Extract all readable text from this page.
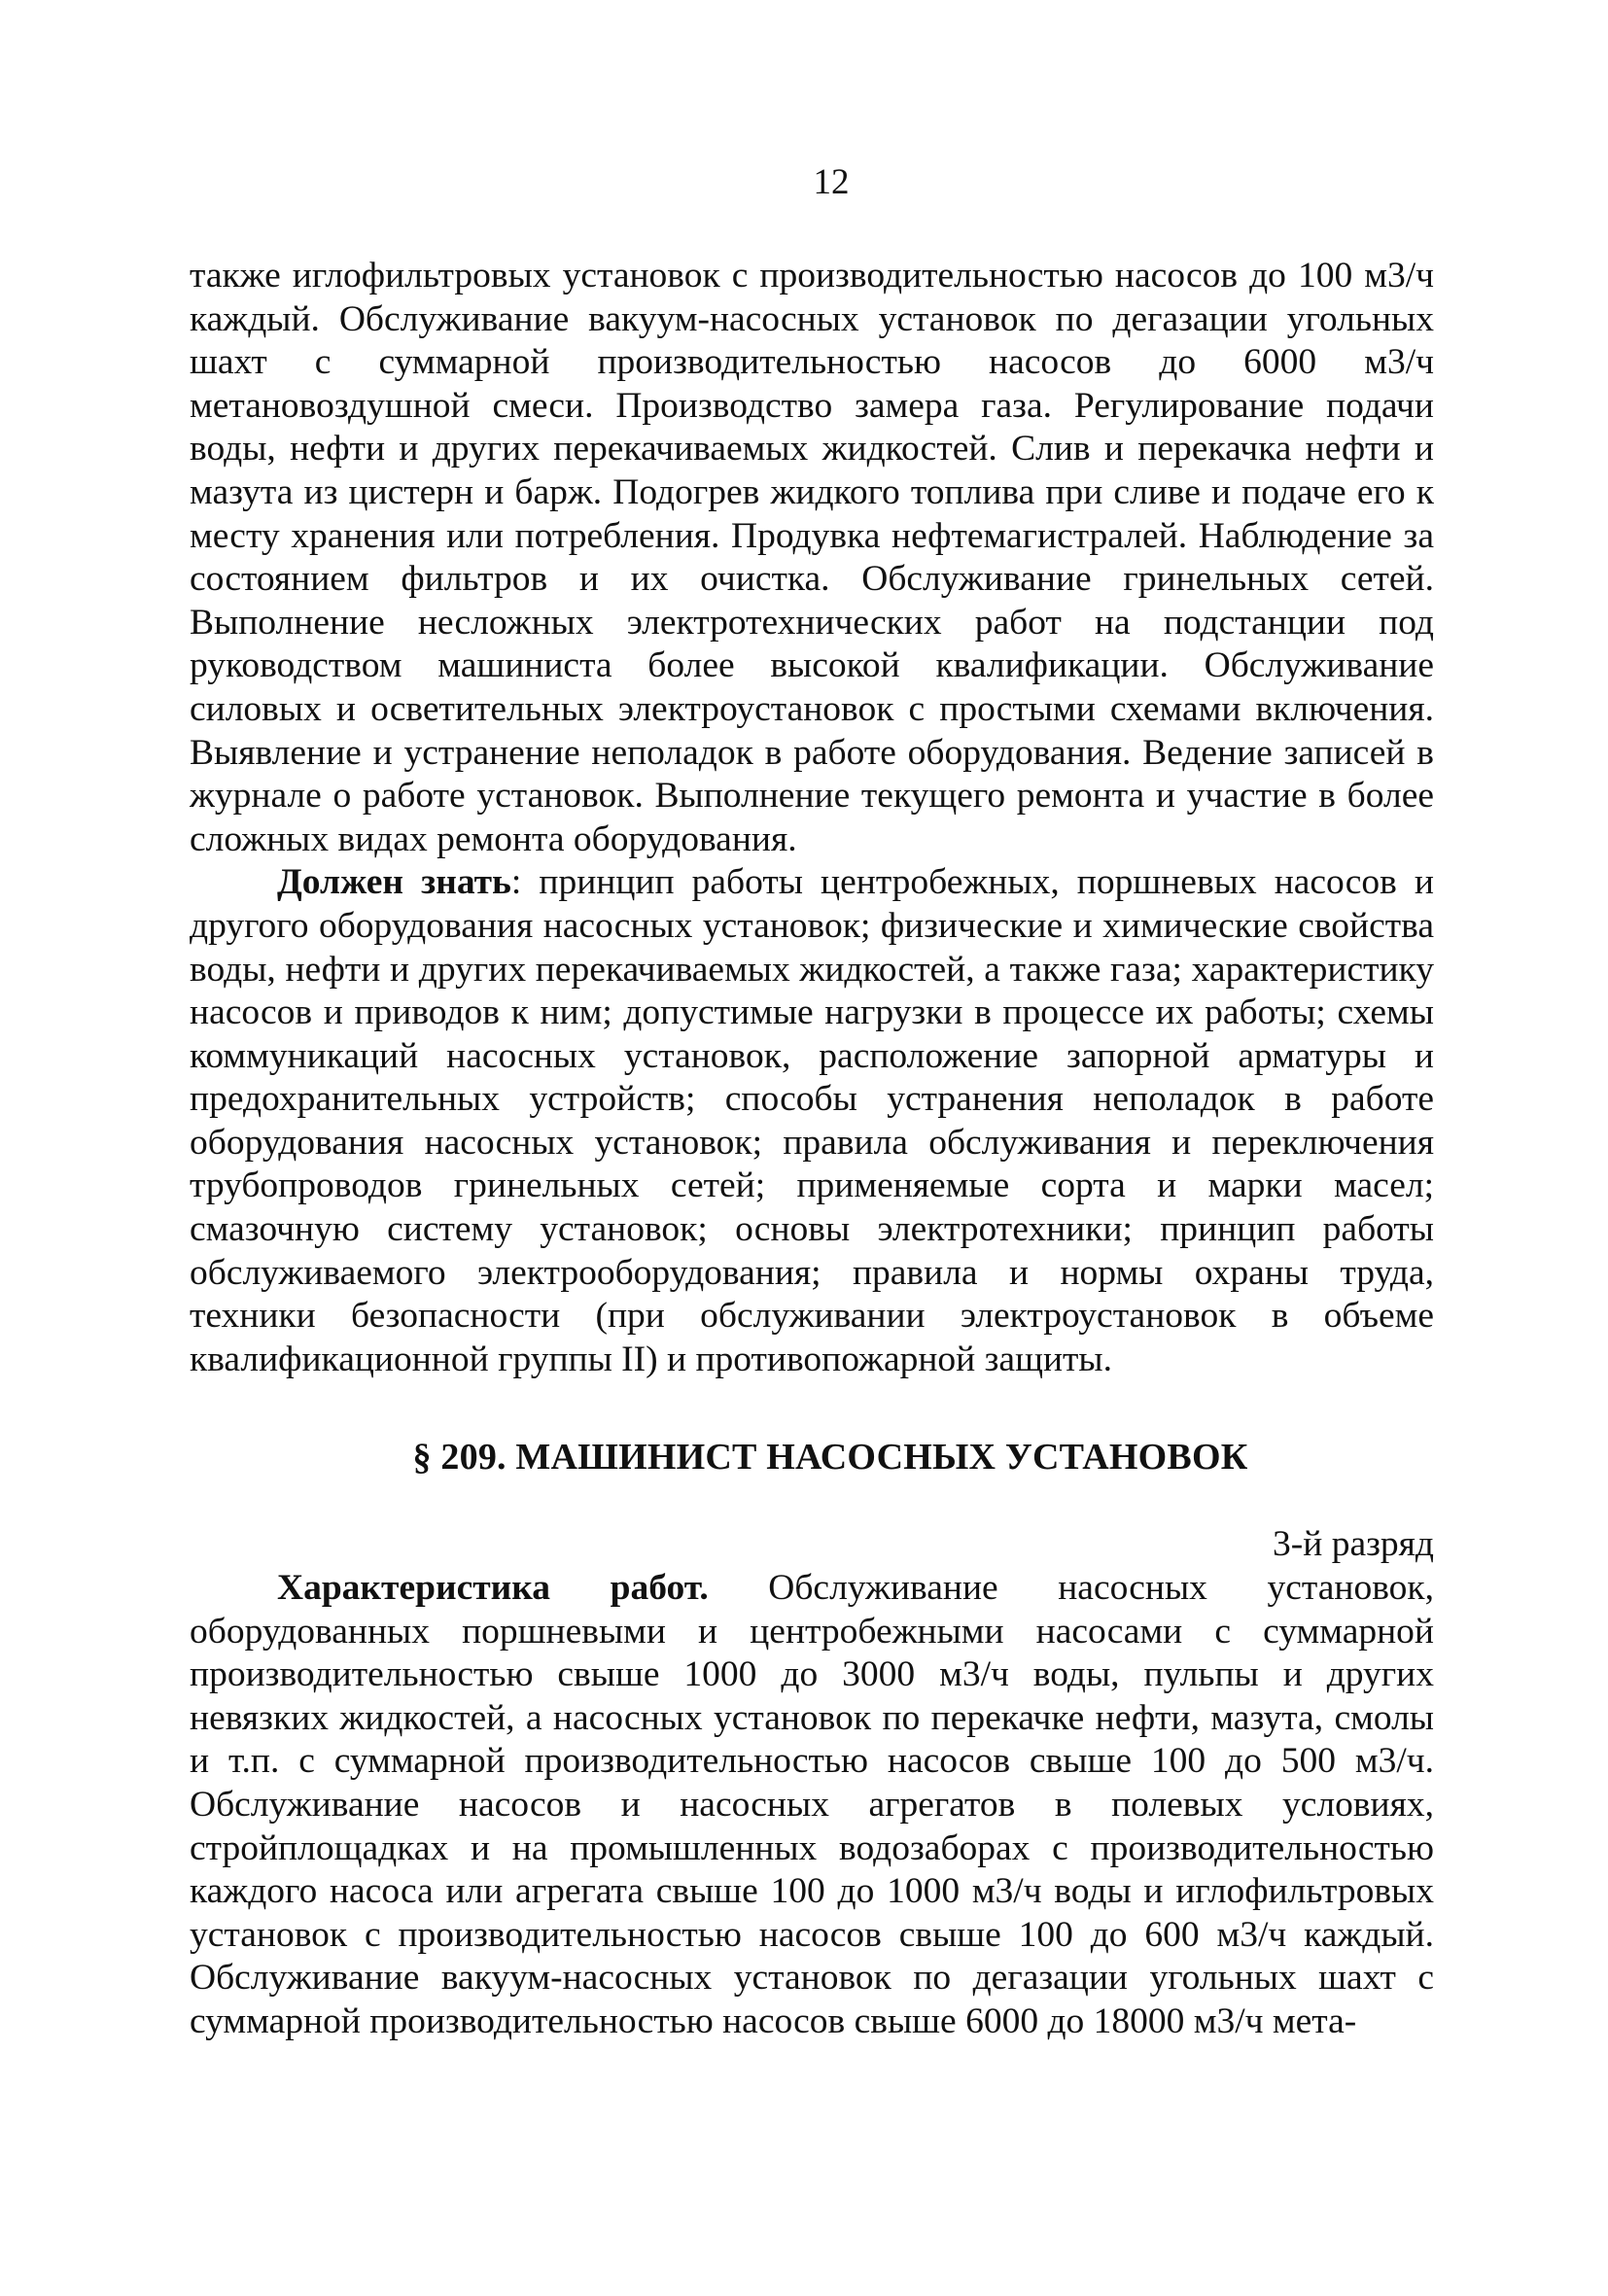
12

также иглофильтровых установок с производительностью насосов до 100 м3/ч каждый. Обслуживание вакуум-насосных установок по дегазации угольных шахт с суммарной производительностью насосов до 6000 м3/ч метановоздушной смеси. Производство замера газа. Регулирование подачи воды, нефти и других перекачиваемых жидкостей. Слив и перекачка нефти и мазута из цистерн и барж. Подогрев жидкого топлива при сливе и подаче его к месту хранения или потребления. Продувка нефтемагистралей. Наблюдение за состоянием фильтров и их очистка. Обслуживание гринельных сетей. Выполнение несложных электротехнических работ на подстанции под руководством машиниста более высокой квалификации. Обслуживание силовых и осветительных электроустановок с простыми схемами включения. Выявление и устранение неполадок в работе оборудования. Ведение записей в журнале о работе установок. Выполнение текущего ремонта и участие в более сложных видах ремонта оборудования.

Должен знать: принцип работы центробежных, поршневых насосов и другого оборудования насосных установок; физические и химические свойства воды, нефти и других перекачиваемых жидкостей, а также газа; характеристику насосов и приводов к ним; допустимые нагрузки в процессе их работы; схемы коммуникаций насосных установок, расположение запорной арматуры и предохранительных устройств; способы устранения неполадок в работе оборудования насосных установок; правила обслуживания и переключения трубопроводов гринельных сетей; применяемые сорта и марки масел; смазочную систему установок; основы электротехники; принцип работы обслуживаемого электрооборудования; правила и нормы охраны труда, техники безопасности (при обслуживании электроустановок в объеме квалификационной группы II) и противопожарной защиты.

§ 209. МАШИНИСТ НАСОСНЫХ УСТАНОВОК
3-й разряд

Характеристика работ. Обслуживание насосных установок, оборудованных поршневыми и центробежными насосами с суммарной производительностью свыше 1000 до 3000 м3/ч воды, пульпы и других невязких жидкостей, а насосных установок по перекачке нефти, мазута, смолы и т.п. с суммарной производительностью насосов свыше 100 до 500 м3/ч. Обслуживание насосов и насосных агрегатов в полевых условиях, стройплощадках и на промышленных водозаборах с производительностью каждого насоса или агрегата свыше 100 до 1000 м3/ч воды и иглофильтровых установок с производительностью насосов свыше 100 до 600 м3/ч каждый. Обслуживание вакуум-насосных установок по дегазации угольных шахт с суммарной производительностью насосов свыше 6000 до 18000 м3/ч мета-
